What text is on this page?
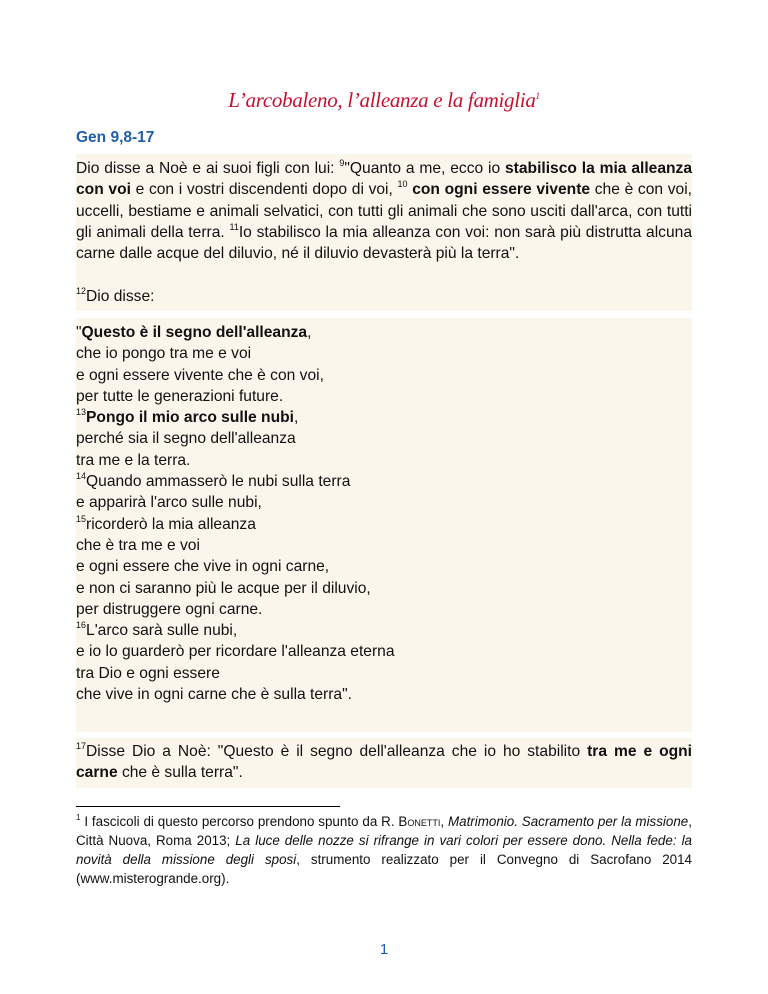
L’arcobaleno, l’alleanza e la famiglia$^1$
Gen 9,8-17

Dio disse a Noè e ai suoi figli con lui: $^9$"Quanto a me, ecco io stabilisco la mia alleanza con voi e con i vostri discendenti dopo di voi, $^{10}$ con ogni essere vivente che è con voi, uccelli, bestiame e animali selvatici, con tutti gli animali che sono usciti dall'arca, con tutti gli animali della terra. $^{11}$Io stabilisco la mia alleanza con voi: non sarà più distrutta alcuna carne dalle acque del diluvio, né il diluvio devasterà più la terra".

$^{12}$Dio disse:

"Questo è il segno dell'alleanza,

che io pongo tra me e voi

e ogni essere vivente che è con voi,

per tutte le generazioni future.

$^{13}$Pongo il mio arco sulle nubi,

perché sia il segno dell'alleanza

tra me e la terra.

$^{14}$Quando ammasserò le nubi sulla terra

e apparirà l'arco sulle nubi,

$^{15}$ricorderò la mia alleanza

che è tra me e voi

e ogni essere che vive in ogni carne,

e non ci saranno più le acque per il diluvio,

per distruggere ogni carne.

$^{16}$L'arco sarà sulle nubi,

e io lo guarderò per ricordare l'alleanza eterna

tra Dio e ogni essere

che vive in ogni carne che è sulla terra".

$^{17}$Disse Dio a Noè: "Questo è il segno dell'alleanza che io ho stabilito tra me e ogni carne che è sulla terra".

$^1$ I fascicoli di questo percorso prendono spunto da R. Bonetti, Matrimonio. Sacramento per la missione, Città Nuova, Roma 2013; La luce delle nozze si rifrange in vari colori per essere dono. Nella fede: la novità della missione degli sposi, strumento realizzato per il Convegno di Sacrofano 2014 (www.misterogrande.org).
1
